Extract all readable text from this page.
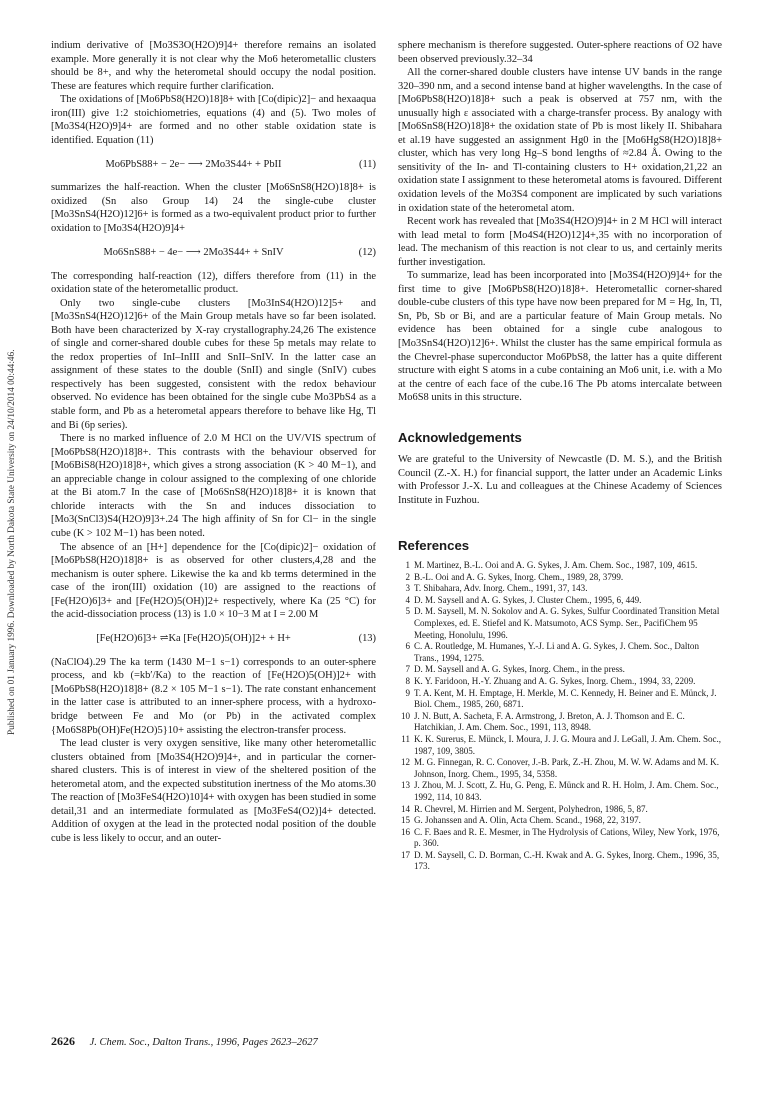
Published on 01 January 1996. Downloaded by North Dakota State University on 24/10/2014 00:44:46.

indium derivative of [Mo3S3O(H2O)9]4+ therefore remains an isolated example. More generally it is not clear why the Mo6 heterometallic clusters should be 8+, and why the heterometal should occupy the nodal position. These are features which require further clarification.

The oxidations of [Mo6PbS8(H2O)18]8+ with [Co(dipic)2]− and hexaaqua iron(III) give 1:2 stoichiometries, equations (4) and (5). Two moles of [Mo3S4(H2O)9]4+ are formed and no other stable oxidation state is identified. Equation (11)

Mo6PbS88+ − 2e− ⟶ 2Mo3S44+ + PbII	(11)

summarizes the half-reaction. When the cluster [Mo6SnS8(H2O)18]8+ is oxidized (Sn also Group 14) 24 the single-cube cluster [Mo3SnS4(H2O)12]6+ is formed as a two-equivalent product prior to further oxidation to [Mo3S4(H2O)9]4+

Mo6SnS88+ − 4e− ⟶ 2Mo3S44+ + SnIV	(12)

The corresponding half-reaction (12), differs therefore from (11) in the oxidation state of the heterometallic product.

Only two single-cube clusters [Mo3InS4(H2O)12]5+ and [Mo3SnS4(H2O)12]6+ of the Main Group metals have so far been isolated. Both have been characterized by X-ray crystallography.24,26 The existence of single and corner-shared double cubes for these 5p metals may relate to the redox properties of InI–InIII and SnII–SnIV. In the latter case an assignment of these states to the double (SnII) and single (SnIV) cubes respectively has been suggested, consistent with the redox behaviour observed. No evidence has been obtained for the single cube Mo3PbS4 as a stable form, and Pb as a heterometal appears therefore to behave like Hg, Tl and Bi (6p series).

There is no marked influence of 2.0 M HCl on the UV/VIS spectrum of [Mo6PbS8(H2O)18]8+. This contrasts with the behaviour observed for [Mo6BiS8(H2O)18]8+, which gives a strong association (K > 40 M−1), and an appreciable change in colour assigned to the complexing of one chloride at the Bi atom.7 In the case of [Mo6SnS8(H2O)18]8+ it is known that chloride interacts with the Sn and induces dissociation to [Mo3(SnCl3)S4(H2O)9]3+.24 The high affinity of Sn for Cl− in the single cube (K > 102 M−1) has been noted.

The absence of an [H+] dependence for the [Co(dipic)2]− oxidation of [Mo6PbS8(H2O)18]8+ is as observed for other clusters,4,28 and the mechanism is outer sphere. Likewise the ka and kb terms determined in the case of the iron(III) oxidation (10) are assigned to the reactions of [Fe(H2O)6]3+ and [Fe(H2O)5(OH)]2+ respectively, where Ka (25 °C) for the acid-dissociation process (13) is 1.0 × 10−3 M at I = 2.00 M

[Fe(H2O)6]3+ ⇌Ka [Fe(H2O)5(OH)]2+ + H+	(13)

(NaClO4).29 The ka term (1430 M−1 s−1) corresponds to an outer-sphere process, and kb (=kb′/Ka) to the reaction of [Fe(H2O)5(OH)]2+ with [Mo6PbS8(H2O)18]8+ (8.2 × 105 M−1 s−1). The rate constant enhancement in the latter case is attributed to an inner-sphere process, with a hydroxo-bridge between Fe and Mo (or Pb) in the activated complex {Mo6S8Pb(OH)Fe(H2O)5}10+ assisting the electron-transfer process.

The lead cluster is very oxygen sensitive, like many other heterometallic clusters obtained from [Mo3S4(H2O)9]4+, and in particular the corner-shared clusters. This is of interest in view of the sheltered position of the heterometal atom, and the expected substitution inertness of the Mo atoms.30 The reaction of [Mo3FeS4(H2O)10]4+ with oxygen has been studied in some detail,31 and an intermediate formulated as [Mo3FeS4(O2)]4+ detected. Addition of oxygen at the lead in the protected nodal position of the double cube is less likely to occur, and an outer-

sphere mechanism is therefore suggested. Outer-sphere reactions of O2 have been observed previously.32–34

All the corner-shared double clusters have intense UV bands in the range 320–390 nm, and a second intense band at higher wavelengths. In the case of [Mo6PbS8(H2O)18]8+ such a peak is observed at 757 nm, with the unusually high ε associated with a charge-transfer process. By analogy with [Mo6SnS8(H2O)18]8+ the oxidation state of Pb is most likely II. Shibahara et al.19 have suggested an assignment Hg0 in the [Mo6HgS8(H2O)18]8+ cluster, which has very long Hg–S bond lengths of ≈2.84 Å. Owing to the sensitivity of the In- and Tl-containing clusters to H+ oxidation,21,22 an oxidation state I assignment to these heterometal atoms is favoured. Different oxidation levels of the Mo3S4 component are implicated by such variations in oxidation state of the heterometal atom.

Recent work has revealed that [Mo3S4(H2O)9]4+ in 2 M HCl will interact with lead metal to form [Mo4S4(H2O)12]4+,35 with no incorporation of lead. The mechanism of this reaction is not clear to us, and certainly merits further investigation.

To summarize, lead has been incorporated into [Mo3S4(H2O)9]4+ for the first time to give [Mo6PbS8(H2O)18]8+. Heterometallic corner-shared double-cube clusters of this type have now been prepared for M = Hg, In, Tl, Sn, Pb, Sb or Bi, and are a particular feature of Main Group metals. No evidence has been obtained for a single cube analogous to [Mo3SnS4(H2O)12]6+. Whilst the cluster has the same empirical formula as the Chevrel-phase superconductor Mo6PbS8, the latter has a quite different structure with eight S atoms in a cube containing an Mo6 unit, i.e. with a Mo at the centre of each face of the cube.16 The Pb atoms intercalate between Mo6S8 units in this structure.

Acknowledgements

We are grateful to the University of Newcastle (D. M. S.), and the British Council (Z.-X. H.) for financial support, the latter under an Academic Links with Professor J.-X. Lu and colleagues at the Chinese Academy of Sciences Institute in Fuzhou.

References
1 M. Martinez, B.-L. Ooi and A. G. Sykes, J. Am. Chem. Soc., 1987, 109, 4615.
2 B.-L. Ooi and A. G. Sykes, Inorg. Chem., 1989, 28, 3799.
3 T. Shibahara, Adv. Inorg. Chem., 1991, 37, 143.
4 D. M. Saysell and A. G. Sykes, J. Cluster Chem., 1995, 6, 449.
5 D. M. Saysell, M. N. Sokolov and A. G. Sykes, Sulfur Coordinated Transition Metal Complexes, ed. E. Stiefel and K. Matsumoto, ACS Symp. Ser., PacifiChem 95 Meeting, Honolulu, 1996.
6 C. A. Routledge, M. Humanes, Y.-J. Li and A. G. Sykes, J. Chem. Soc., Dalton Trans., 1994, 1275.
7 D. M. Saysell and A. G. Sykes, Inorg. Chem., in the press.
8 K. Y. Faridoon, H.-Y. Zhuang and A. G. Sykes, Inorg. Chem., 1994, 33, 2209.
9 T. A. Kent, M. H. Emptage, H. Merkle, M. C. Kennedy, H. Beiner and E. Münck, J. Biol. Chem., 1985, 260, 6871.
10 J. N. Butt, A. Sacheta, F. A. Armstrong, J. Breton, A. J. Thomson and E. C. Hatchikian, J. Am. Chem. Soc., 1991, 113, 8948.
11 K. K. Surerus, E. Münck, I. Moura, J. J. G. Moura and J. LeGall, J. Am. Chem. Soc., 1987, 109, 3805.
12 M. G. Finnegan, R. C. Conover, J.-B. Park, Z.-H. Zhou, M. W. W. Adams and M. K. Johnson, Inorg. Chem., 1995, 34, 5358.
13 J. Zhou, M. J. Scott, Z. Hu, G. Peng, E. Münck and R. H. Holm, J. Am. Chem. Soc., 1992, 114, 10 843.
14 R. Chevrel, M. Hirrien and M. Sergent, Polyhedron, 1986, 5, 87.
15 G. Johanssen and A. Olin, Acta Chem. Scand., 1968, 22, 3197.
16 C. F. Baes and R. E. Mesmer, in The Hydrolysis of Cations, Wiley, New York, 1976, p. 360.
17 D. M. Saysell, C. D. Borman, C.-H. Kwak and A. G. Sykes, Inorg. Chem., 1996, 35, 173.
2626 J. Chem. Soc., Dalton Trans., 1996, Pages 2623–2627
